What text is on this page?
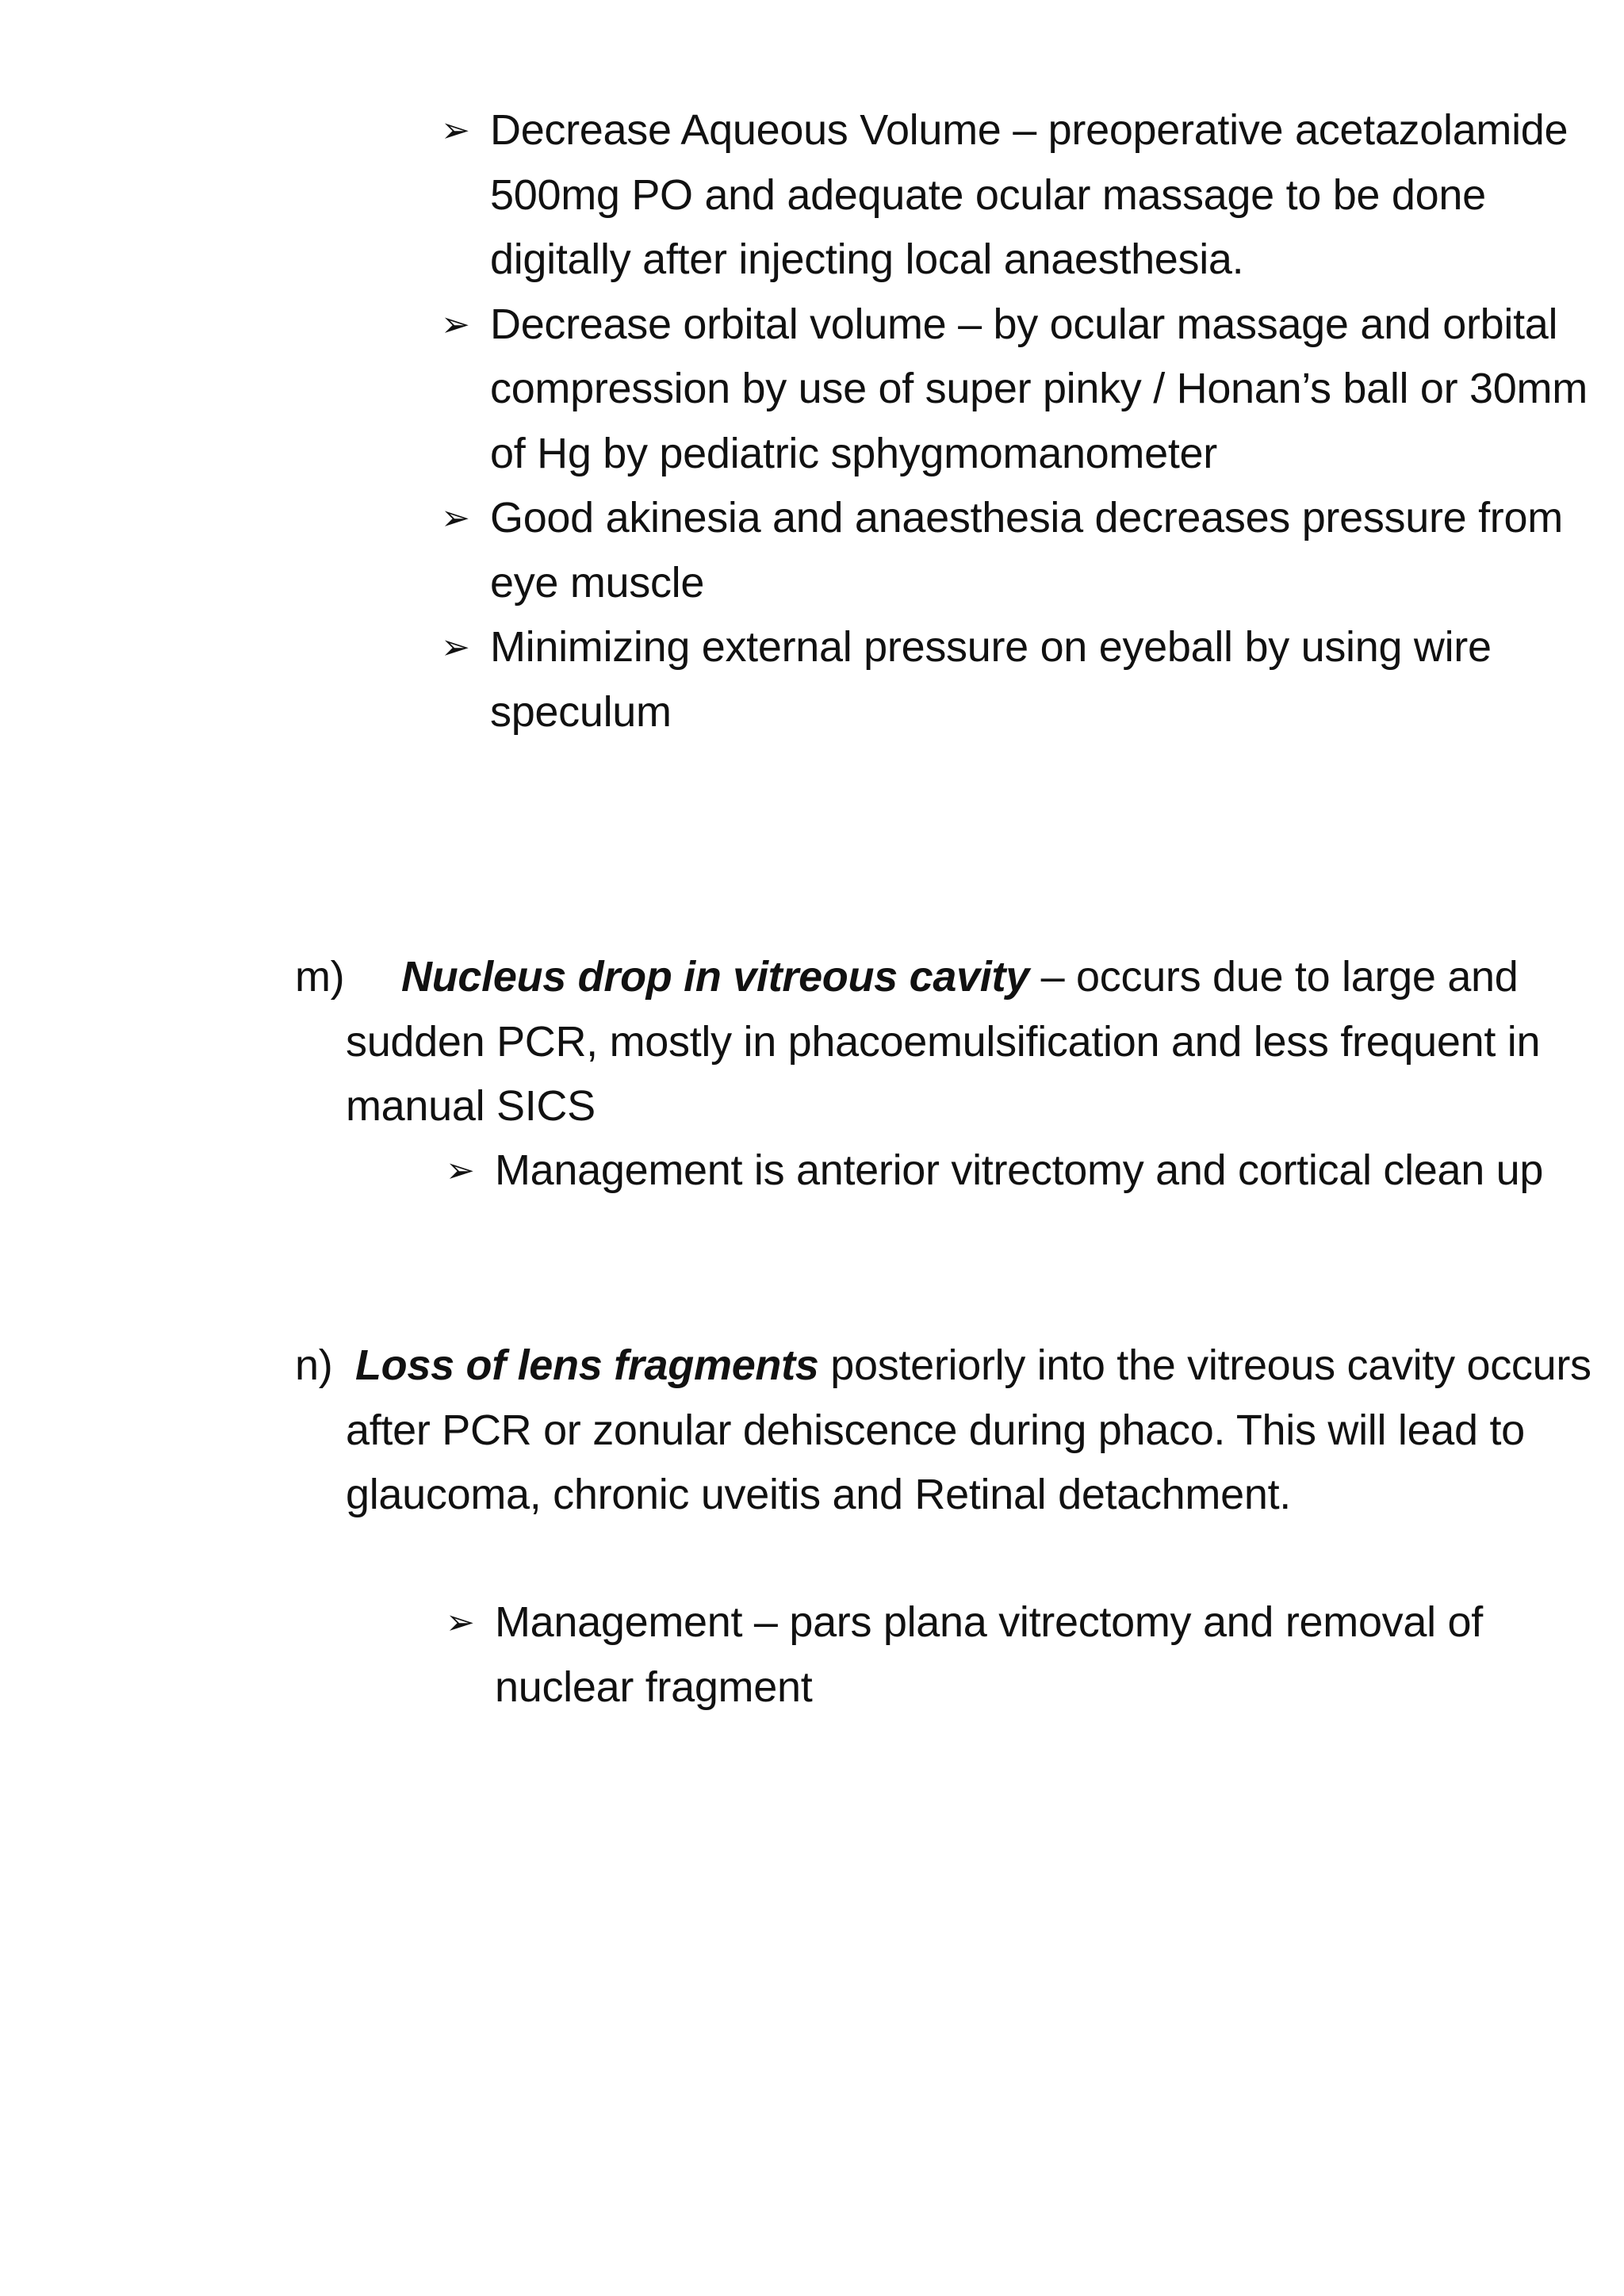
➢ Decrease Aqueous Volume – preoperative acetazolamide 500mg PO and adequate ocular massage to be done digitally after injecting local anaesthesia.
➢ Decrease orbital volume – by ocular massage and orbital compression by use of super pinky / Honan’s ball or 30mm of Hg by pediatric sphygmomanometer
➢ Good akinesia and anaesthesia decreases pressure from eye muscle
➢ Minimizing external pressure on eyeball by using wire speculum

m) Nucleus drop in vitreous cavity – occurs due to large and sudden PCR, mostly in phacoemulsification and less frequent in manual SICS

➢ Management is anterior vitrectomy and cortical clean up

n) Loss of lens fragments posteriorly into the vitreous cavity occurs after PCR or zonular dehiscence during phaco. This will lead to glaucoma, chronic uveitis and Retinal detachment.

➢ Management – pars plana vitrectomy and removal of nuclear fragment
